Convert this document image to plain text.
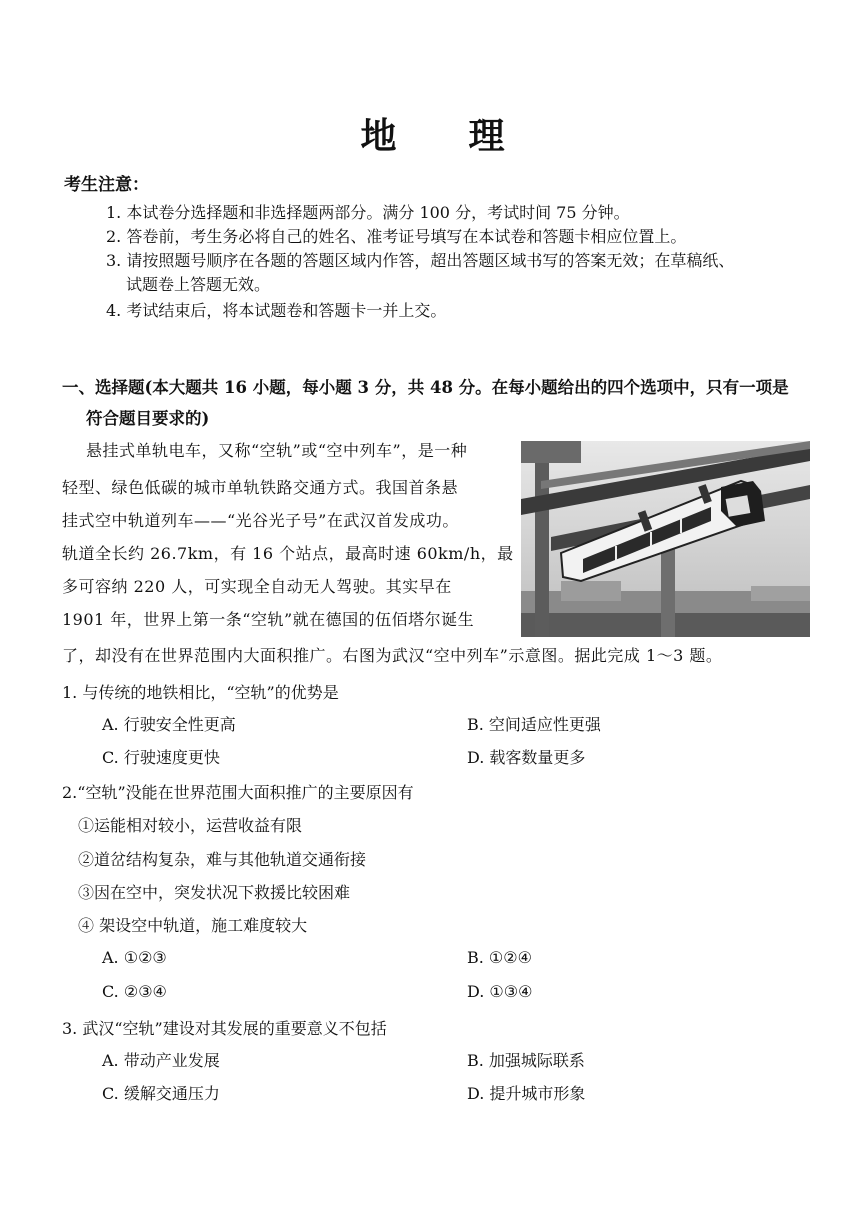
地 理
考生注意：
1. 本试卷分选择题和非选择题两部分。满分 100 分，考试时间 75 分钟。
2. 答卷前，考生务必将自己的姓名、准考证号填写在本试卷和答题卡相应位置上。
3. 请按照题号顺序在各题的答题区域内作答，超出答题区域书写的答案无效；在草稿纸、
试题卷上答题无效。
4. 考试结束后，将本试题卷和答题卡一并上交。
一、选择题(本大题共 16 小题，每小题 3 分，共 48 分。在每小题给出的四个选项中，只有一项是
符合题目要求的)
悬挂式单轨电车，又称“空轨”或“空中列车”，是一种
轻型、绿色低碳的城市单轨铁路交通方式。我国首条悬
挂式空中轨道列车——“光谷光子号”在武汉首发成功。
轨道全长约 26.7km，有 16 个站点，最高时速 60km/h，最
多可容纳 220 人，可实现全自动无人驾驶。其实早在
1901 年，世界上第一条“空轨”就在德国的伍佰塔尔诞生
了，却没有在世界范围内大面积推广。右图为武汉“空中列车”示意图。据此完成 1～3 题。
1. 与传统的地铁相比，“空轨”的优势是
A. 行驶安全性更高	B. 空间适应性更强
C. 行驶速度更快	D. 载客数量更多
2.“空轨”没能在世界范围大面积推广的主要原因有
①运能相对较小，运营收益有限
②道岔结构复杂，难与其他轨道交通衔接
③因在空中，突发状况下救援比较困难
④ 架设空中轨道，施工难度较大
A. ①②③	B. ①②④
C. ②③④	D. ①③④
3. 武汉“空轨”建设对其发展的重要意义不包括
A. 带动产业发展	B. 加强城际联系
C. 缓解交通压力	D. 提升城市形象
